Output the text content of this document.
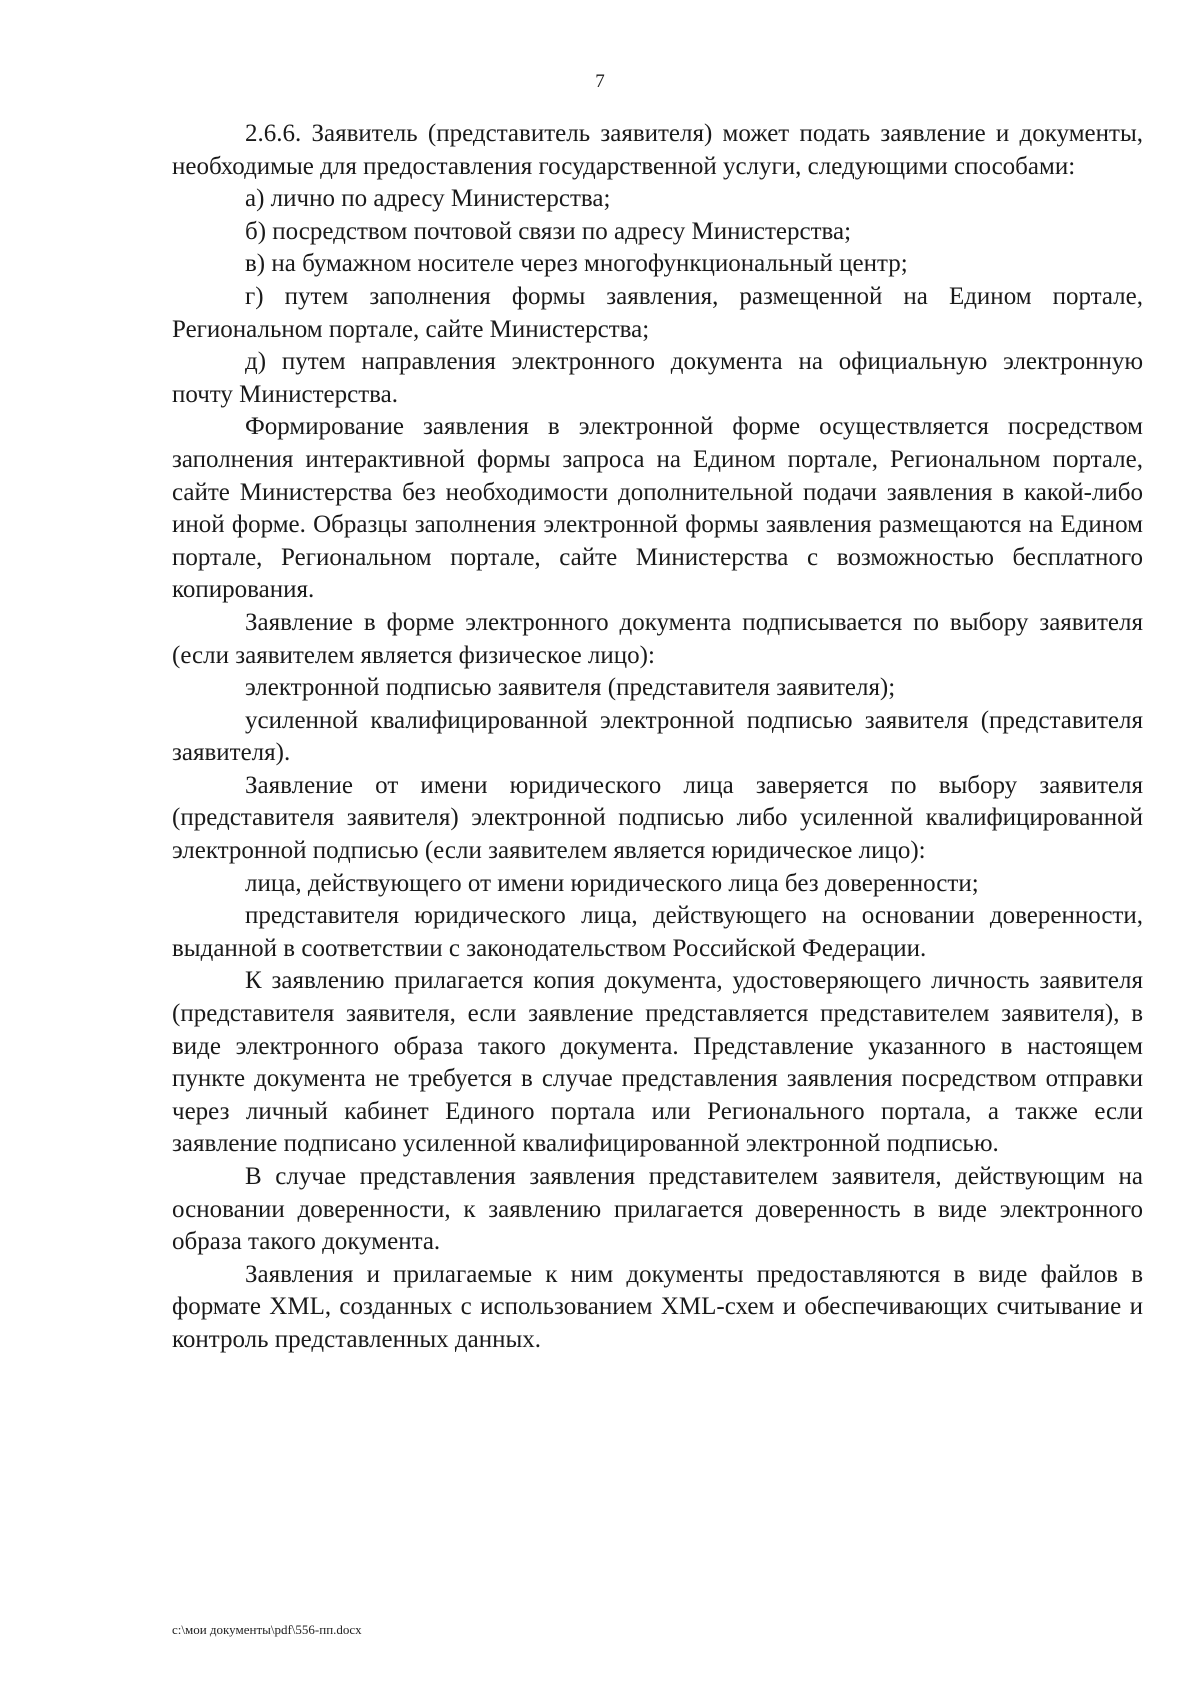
7

2.6.6. Заявитель (представитель заявителя) может подать заявление и документы, необходимые для предоставления государственной услуги, следующими способами:

а) лично по адресу Министерства;

б) посредством почтовой связи по адресу Министерства;

в) на бумажном носителе через многофункциональный центр;

г) путем заполнения формы заявления, размещенной на Едином портале, Региональном портале, сайте Министерства;

д) путем направления электронного документа на официальную электронную почту Министерства.

Формирование заявления в электронной форме осуществляется посредством заполнения интерактивной формы запроса на Едином портале, Региональном портале, сайте Министерства без необходимости дополнительной подачи заявления в какой-либо иной форме. Образцы заполнения электронной формы заявления размещаются на Едином портале, Региональном портале, сайте Министерства с возможностью бесплатного копирования.

Заявление в форме электронного документа подписывается по выбору заявителя (если заявителем является физическое лицо):

электронной подписью заявителя (представителя заявителя);

усиленной квалифицированной электронной подписью заявителя (представителя заявителя).

Заявление от имени юридического лица заверяется по выбору заявителя (представителя заявителя) электронной подписью либо усиленной квалифицированной электронной подписью (если заявителем является юридическое лицо):

лица, действующего от имени юридического лица без доверенности;

представителя юридического лица, действующего на основании доверенности, выданной в соответствии с законодательством Российской Федерации.

К заявлению прилагается копия документа, удостоверяющего личность заявителя (представителя заявителя, если заявление представляется представителем заявителя), в виде электронного образа такого документа. Представление указанного в настоящем пункте документа не требуется в случае представления заявления посредством отправки через личный кабинет Единого портала или Регионального портала, а также если заявление подписано усиленной квалифицированной электронной подписью.

В случае представления заявления представителем заявителя, действующим на основании доверенности, к заявлению прилагается доверенность в виде электронного образа такого документа.

Заявления и прилагаемые к ним документы предоставляются в виде файлов в формате XML, созданных с использованием XML-схем и обеспечивающих считывание и контроль представленных данных.

c:\мои документы\pdf\556-пп.docx
